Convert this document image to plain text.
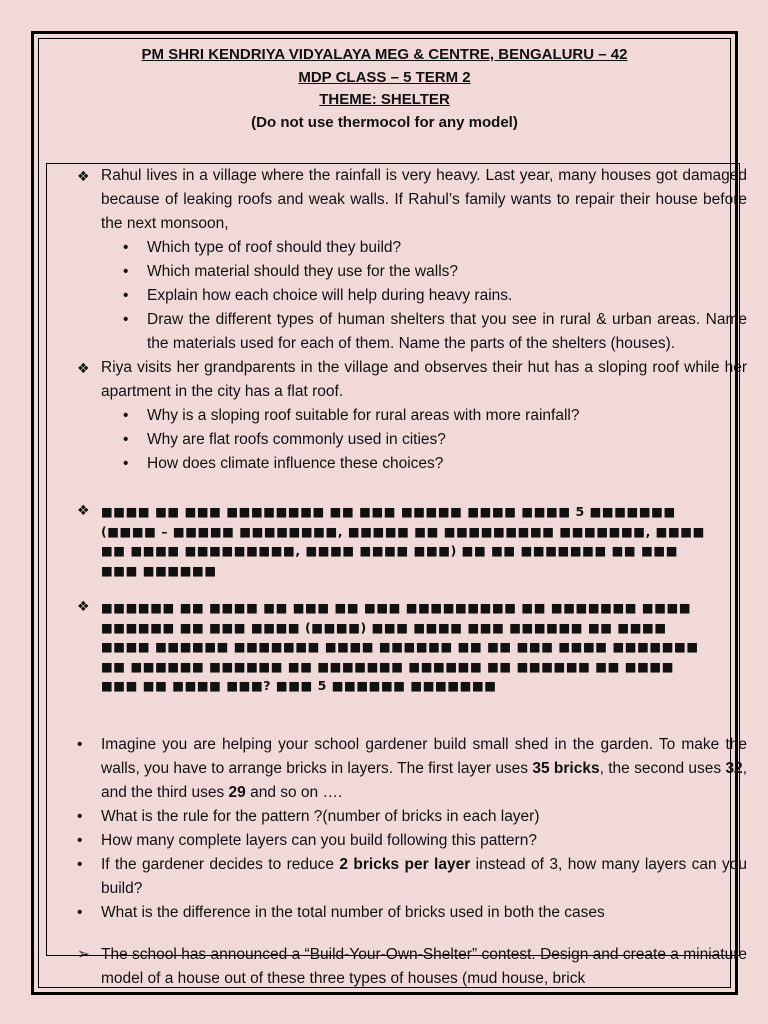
PM SHRI KENDRIYA VIDYALAYA MEG & CENTRE, BENGALURU – 42
MDP CLASS – 5 TERM 2
THEME: SHELTER
(Do not use thermocol for any model)

❖ Rahul lives in a village where the rainfall is very heavy. Last year, many houses got damaged because of leaking roofs and weak walls. If Rahul’s family wants to repair their house before the next monsoon,

• Which type of roof should they build?

• Which material should they use for the walls?

• Explain how each choice will help during heavy rains.

• Draw the different types of human shelters that you see in rural & urban areas. Name the materials used for each of them. Name the parts of the shelters (houses).

❖ Riya visits her grandparents in the village and observes their hut has a sloping roof while her apartment in the city has a flat roof.

• Why is a sloping roof suitable for rural areas with more rainfall?

• Why are flat roofs commonly used in cities?

• How does climate influence these choices?

❖ ■■■■ ■■ ■■■ ■■■■■■■■ ■■ ■■■ ■■■■■ ■■■■ ■■■■ 5 ■■■■■■■ (■■■■ – ■■■■■ ■■■■■■■■, ■■■■■ ■■ ■■■■■■■■■ ■■■■■■■, ■■■■ ■■ ■■■■ ■■■■■■■■■, ■■■■ ■■■■ ■■■) ■■ ■■ ■■■■■■■ ■■ ■■■ ■■■ ■■■■■■

❖ ■■■■■■ ■■ ■■■■ ■■ ■■■ ■■ ■■■ ■■■■■■■■■ ■■ ■■■■■■■ ■■■■ ■■■■■■ ■■ ■■■ ■■■■ (■■■■) ■■■ ■■■■ ■■■ ■■■■■■ ■■ ■■■■ ■■■■ ■■■■■■ ■■■■■■■ ■■■■ ■■■■■■ ■■ ■■ ■■■ ■■■■ ■■■■■■■ ■■ ■■■■■■ ■■■■■■ ■■ ■■■■■■■ ■■■■■■ ■■ ■■■■■■ ■■ ■■■■ ■■■ ■■ ■■■■ ■■■? ■■■ 5 ■■■■■■ ■■■■■■■

• Imagine you are helping your school gardener build small shed in the garden. To make the walls, you have to arrange bricks in layers. The first layer uses 35 bricks, the second uses 32, and the third uses 29 and so on ….

• What is the rule for the pattern ?(number of bricks in each layer)

• How many complete layers can you build following this pattern?

• If the gardener decides to reduce 2 bricks per layer instead of 3, how many layers can you build?

• What is the difference in the total number of bricks used in both the cases

➢ The school has announced a “Build-Your-Own-Shelter” contest. Design and create a miniature model of a house out of these three types of houses (mud house, brick
